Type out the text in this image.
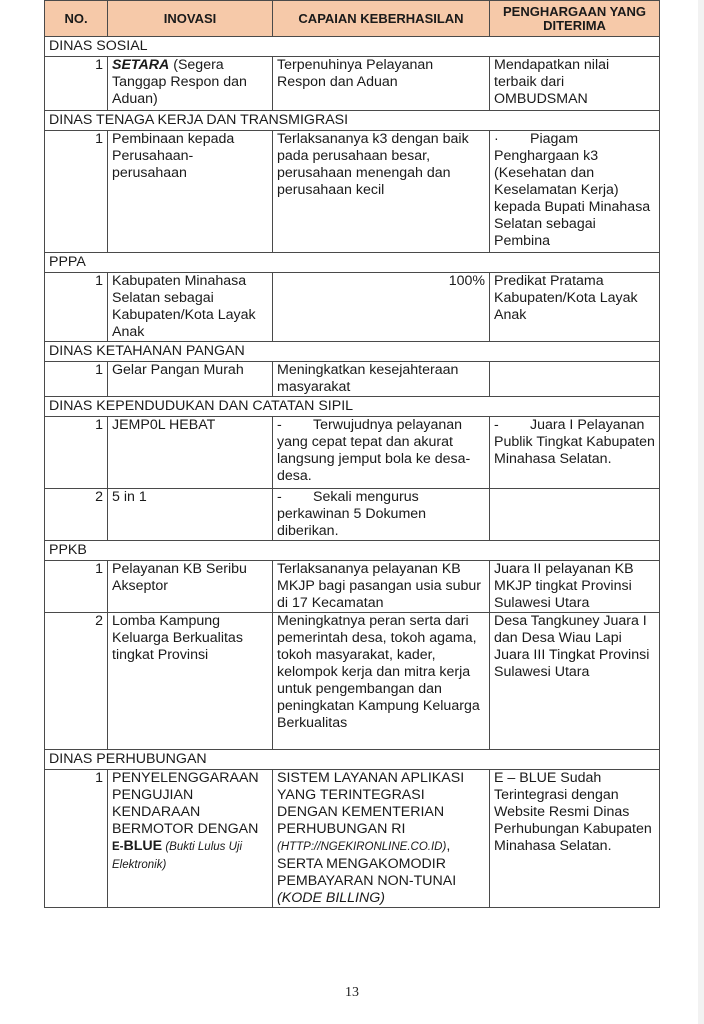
NO.	INOVASI	CAPAIAN KEBERHASILAN	PENGHARGAAN YANG DITERIMA
DINAS SOSIAL			
1	SETARA (Segera Tanggap Respon dan Aduan)	Terpenuhinya Pelayanan Respon dan Aduan	Mendapatkan nilai terbaik dari OMBUDSMAN
DINAS TENAGA KERJA DAN TRANSMIGRASI			
1	Pembinaan kepada Perusahaan-perusahaan	Terlaksananya k3 dengan baik pada perusahaan besar, perusahaan menengah dan perusahaan kecil	· Piagam Penghargaan k3 (Kesehatan dan Keselamatan Kerja) kepada Bupati Minahasa Selatan sebagai Pembina
PPPA			
1	Kabupaten Minahasa Selatan sebagai Kabupaten/Kota Layak Anak	100%	Predikat Pratama Kabupaten/Kota Layak Anak
DINAS KETAHANAN PANGAN			
1	Gelar Pangan Murah	Meningkatkan kesejahteraan masyarakat	
DINAS KEPENDUDUKAN DAN CATATAN SIPIL			
1	JEMP0L HEBAT	- Terwujudnya pelayanan yang cepat tepat dan akurat langsung jemput bola ke desa-desa.	- Juara I Pelayanan Publik Tingkat Kabupaten Minahasa Selatan.
2	5 in 1	- Sekali mengurus perkawinan 5 Dokumen diberikan.	
PPKB			
1	Pelayanan KB Seribu Akseptor	Terlaksananya pelayanan KB MKJP bagi pasangan usia subur di 17 Kecamatan	Juara II pelayanan KB MKJP tingkat Provinsi Sulawesi Utara
2	Lomba Kampung Keluarga Berkualitas tingkat Provinsi	Meningkatnya peran serta dari pemerintah desa, tokoh agama, tokoh masyarakat, kader, kelompok kerja dan mitra kerja untuk pengembangan dan peningkatan Kampung Keluarga Berkualitas	Desa Tangkuney Juara I dan Desa Wiau Lapi Juara III Tingkat Provinsi Sulawesi Utara
DINAS PERHUBUNGAN			
1	PENYELENGGARAAN PENGUJIAN KENDARAAN BERMOTOR DENGAN E-BLUE (Bukti Lulus Uji Elektronik)	SISTEM LAYANAN APLIKASI YANG TERINTEGRASI DENGAN KEMENTERIAN PERHUBUNGAN RI (HTTP://NGEKIRONLINE.CO.ID), SERTA MENGAKOMODIR PEMBAYARAN NON-TUNAI (KODE BILLING)	E – BLUE Sudah Terintegrasi dengan Website Resmi Dinas Perhubungan Kabupaten Minahasa Selatan.
13
